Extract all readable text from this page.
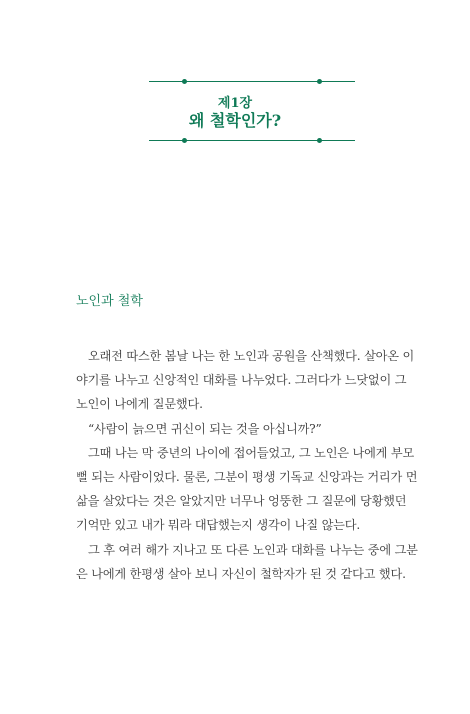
제1장
왜 철학인가?
노인과 철학
오래전 따스한 봄날 나는 한 노인과 공원을 산책했다. 살아온 이
야기를 나누고 신앙적인 대화를 나누었다. 그러다가 느닷없이 그
노인이 나에게 질문했다.
“사람이 늙으면 귀신이 되는 것을 아십니까?”
그때 나는 막 중년의 나이에 접어들었고, 그 노인은 나에게 부모
뻘 되는 사람이었다. 물론, 그분이 평생 기독교 신앙과는 거리가 먼
삶을 살았다는 것은 알았지만 너무나 엉뚱한 그 질문에 당황했던
기억만 있고 내가 뭐라 대답했는지 생각이 나질 않는다.
그 후 여러 해가 지나고 또 다른 노인과 대화를 나누는 중에 그분
은 나에게 한평생 살아 보니 자신이 철학자가 된 것 같다고 했다.
